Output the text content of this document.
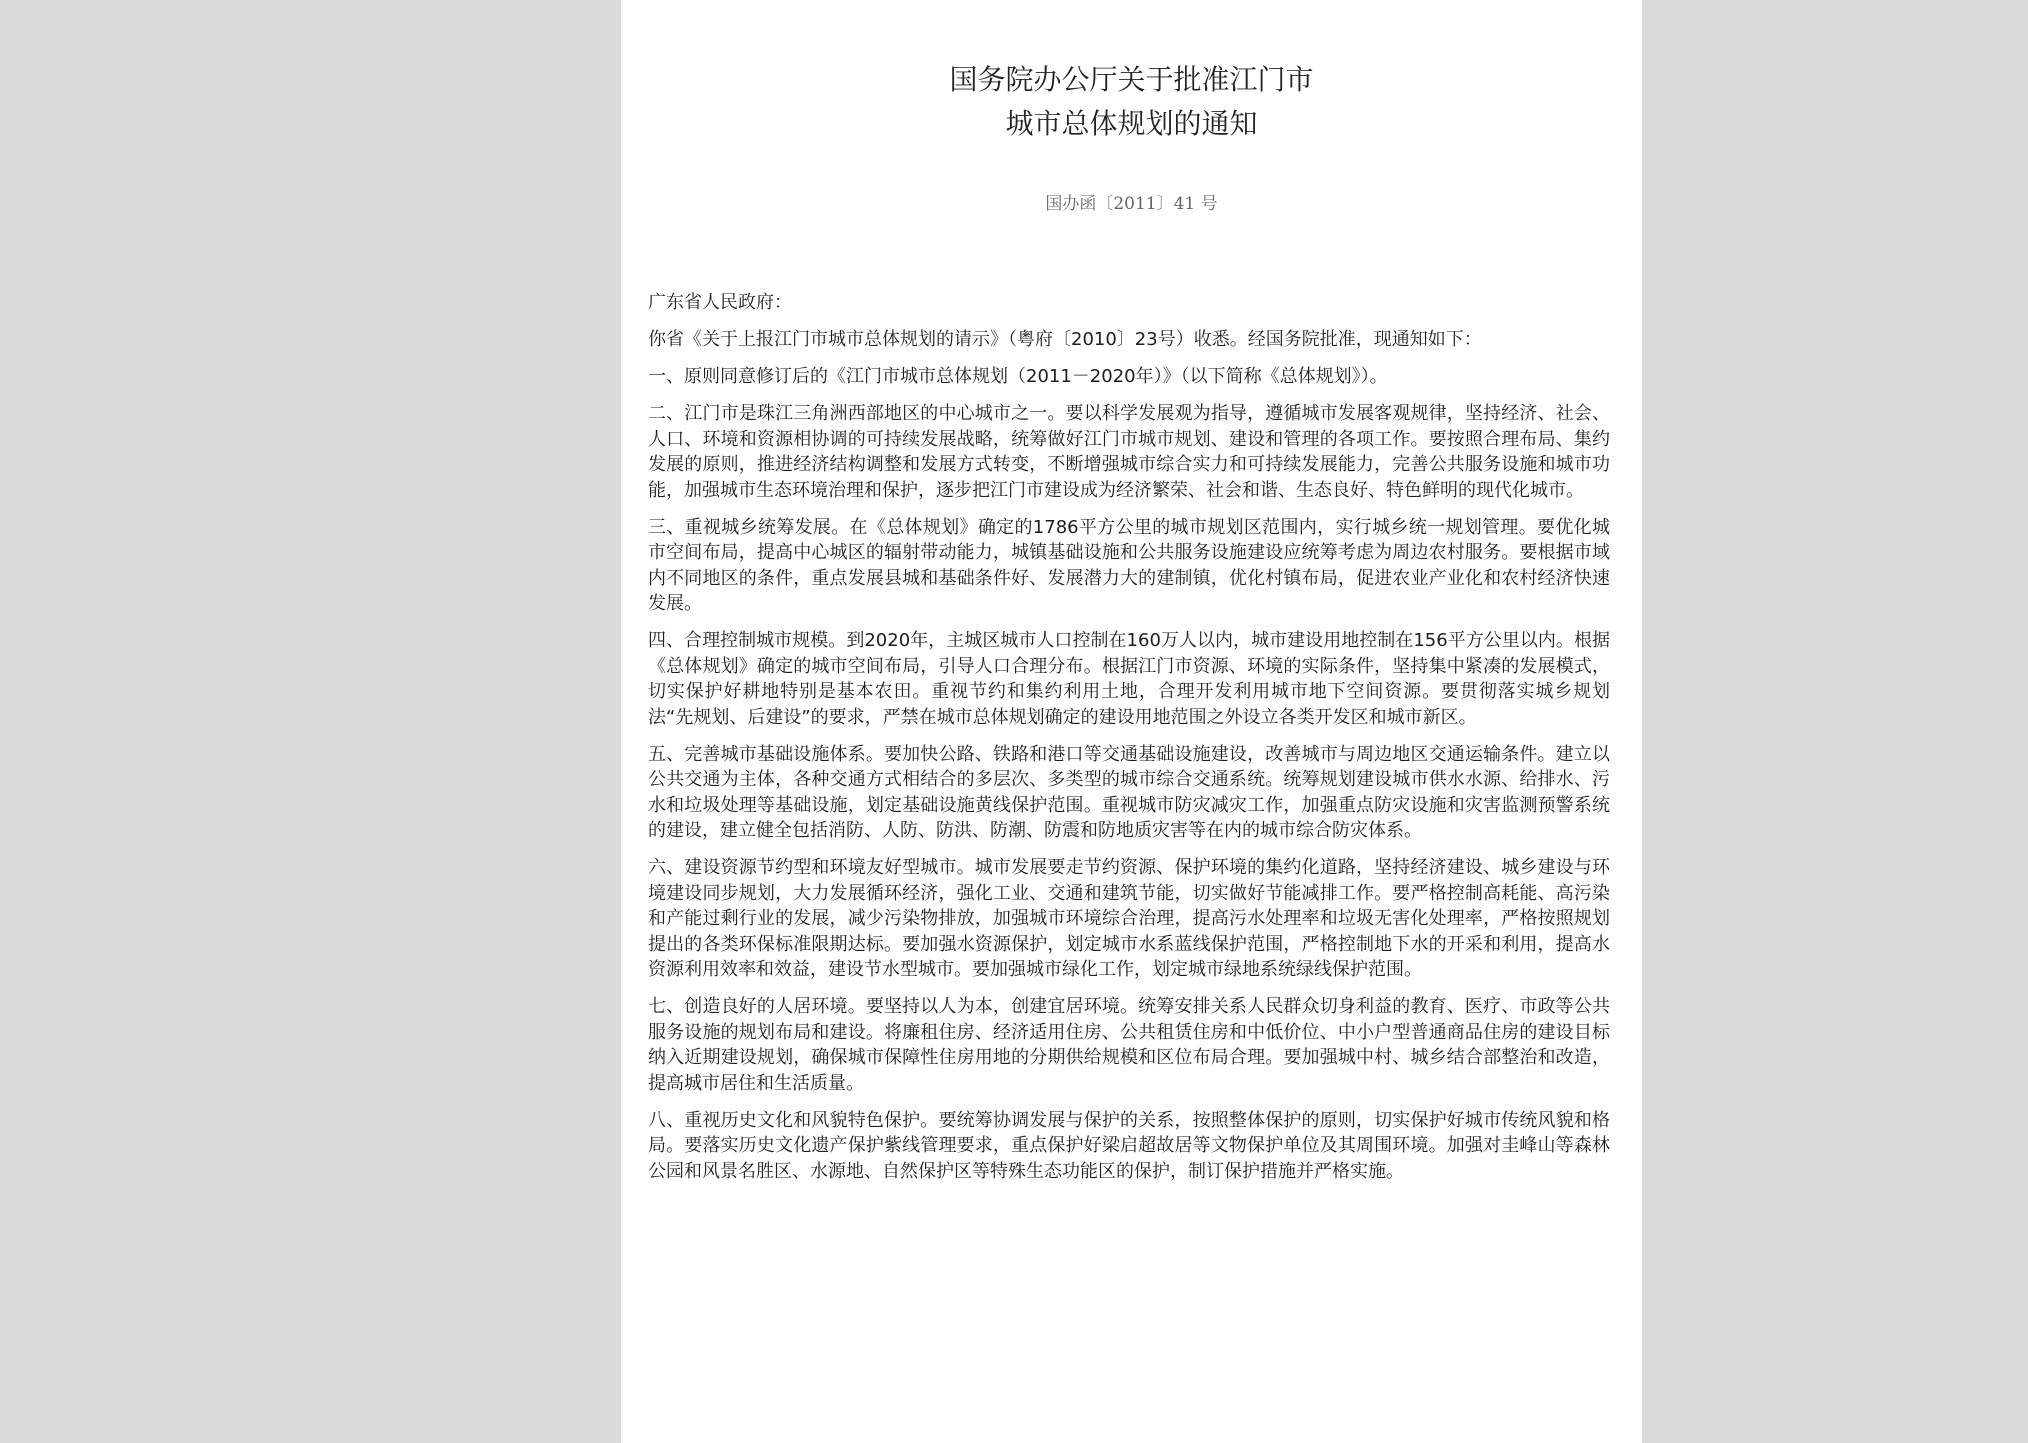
国务院办公厅关于批准江门市
城市总体规划的通知
国办函〔2011〕41 号

广东省人民政府：

你省《关于上报江门市城市总体规划的请示》（粤府〔2010〕23号）收悉。经国务院批准，现通知如下：

一、原则同意修订后的《江门市城市总体规划（2011－2020年）》（以下简称《总体规划》）。

二、江门市是珠江三角洲西部地区的中心城市之一。要以科学发展观为指导，遵循城市发展客观规律，坚持经济、社会、人口、环境和资源相协调的可持续发展战略，统筹做好江门市城市规划、建设和管理的各项工作。要按照合理布局、集约发展的原则，推进经济结构调整和发展方式转变，不断增强城市综合实力和可持续发展能力，完善公共服务设施和城市功能，加强城市生态环境治理和保护，逐步把江门市建设成为经济繁荣、社会和谐、生态良好、特色鲜明的现代化城市。

三、重视城乡统筹发展。在《总体规划》确定的1786平方公里的城市规划区范围内，实行城乡统一规划管理。要优化城市空间布局，提高中心城区的辐射带动能力，城镇基础设施和公共服务设施建设应统筹考虑为周边农村服务。要根据市域内不同地区的条件，重点发展县城和基础条件好、发展潜力大的建制镇，优化村镇布局，促进农业产业化和农村经济快速发展。

四、合理控制城市规模。到2020年，主城区城市人口控制在160万人以内，城市建设用地控制在156平方公里以内。根据《总体规划》确定的城市空间布局，引导人口合理分布。根据江门市资源、环境的实际条件，坚持集中紧凑的发展模式，切实保护好耕地特别是基本农田。重视节约和集约利用土地，合理开发利用城市地下空间资源。要贯彻落实城乡规划法“先规划、后建设”的要求，严禁在城市总体规划确定的建设用地范围之外设立各类开发区和城市新区。

五、完善城市基础设施体系。要加快公路、铁路和港口等交通基础设施建设，改善城市与周边地区交通运输条件。建立以公共交通为主体，各种交通方式相结合的多层次、多类型的城市综合交通系统。统筹规划建设城市供水水源、给排水、污水和垃圾处理等基础设施，划定基础设施黄线保护范围。重视城市防灾减灾工作，加强重点防灾设施和灾害监测预警系统的建设，建立健全包括消防、人防、防洪、防潮、防震和防地质灾害等在内的城市综合防灾体系。

六、建设资源节约型和环境友好型城市。城市发展要走节约资源、保护环境的集约化道路，坚持经济建设、城乡建设与环境建设同步规划，大力发展循环经济，强化工业、交通和建筑节能，切实做好节能减排工作。要严格控制高耗能、高污染和产能过剩行业的发展，减少污染物排放，加强城市环境综合治理，提高污水处理率和垃圾无害化处理率，严格按照规划提出的各类环保标准限期达标。要加强水资源保护，划定城市水系蓝线保护范围，严格控制地下水的开采和利用，提高水资源利用效率和效益，建设节水型城市。要加强城市绿化工作，划定城市绿地系统绿线保护范围。

七、创造良好的人居环境。要坚持以人为本，创建宜居环境。统筹安排关系人民群众切身利益的教育、医疗、市政等公共服务设施的规划布局和建设。将廉租住房、经济适用住房、公共租赁住房和中低价位、中小户型普通商品住房的建设目标纳入近期建设规划，确保城市保障性住房用地的分期供给规模和区位布局合理。要加强城中村、城乡结合部整治和改造，提高城市居住和生活质量。

八、重视历史文化和风貌特色保护。要统筹协调发展与保护的关系，按照整体保护的原则，切实保护好城市传统风貌和格局。要落实历史文化遗产保护紫线管理要求，重点保护好梁启超故居等文物保护单位及其周围环境。加强对圭峰山等森林公园和风景名胜区、水源地、自然保护区等特殊生态功能区的保护，制订保护措施并严格实施。
